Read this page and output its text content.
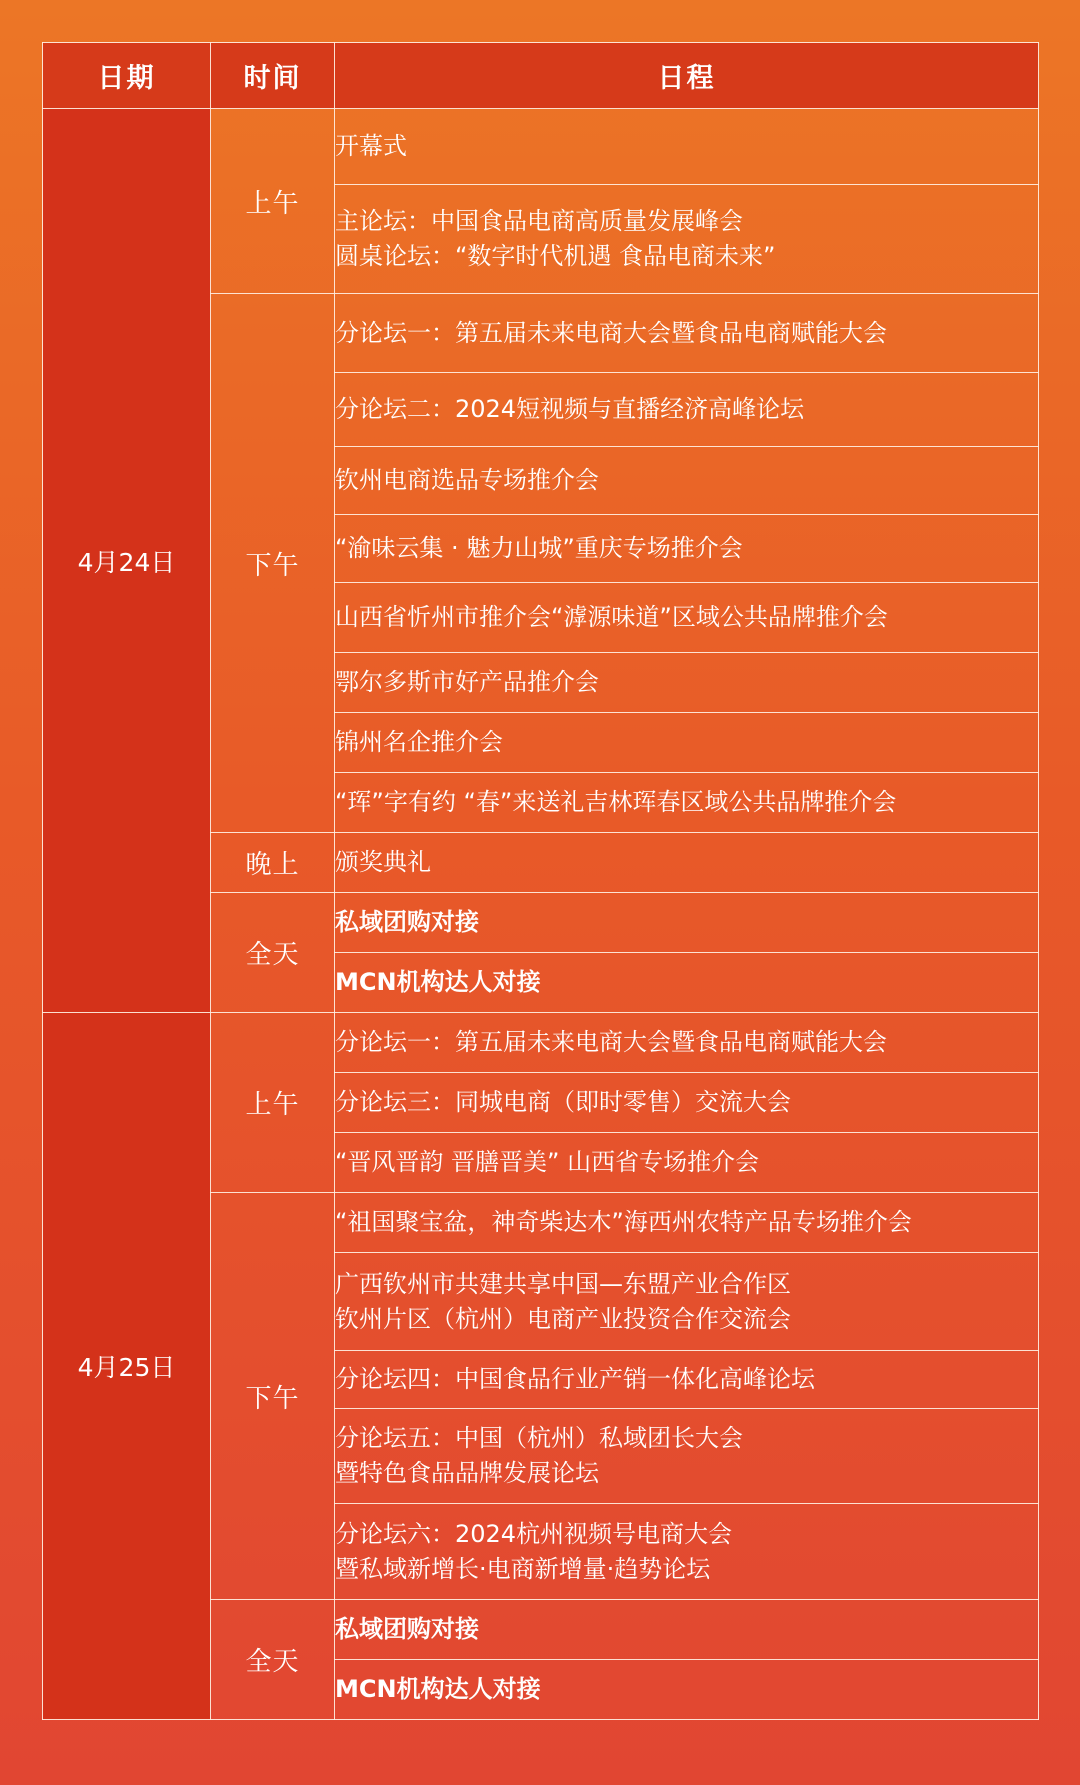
日期	时间	日程
4月24日	上午	开幕式
		主论坛：中国食品电商高质量发展峰会
圆桌论坛：“数字时代机遇 食品电商未来”
	下午	分论坛一：第五届未来电商大会暨食品电商赋能大会
		分论坛二：2024短视频与直播经济高峰论坛
		钦州电商选品专场推介会
		“渝味云集 · 魅力山城”重庆专场推介会
		山西省忻州市推介会“滹源味道”区域公共品牌推介会
		鄂尔多斯市好产品推介会
		锦州名企推介会
		“珲”字有约 “春”来送礼吉林珲春区域公共品牌推介会
	晚上	颁奖典礼
	全天	私域团购对接
		MCN机构达人对接
4月25日	上午	分论坛一：第五届未来电商大会暨食品电商赋能大会
		分论坛三：同城电商（即时零售）交流大会
		“晋风晋韵 晋膳晋美” 山西省专场推介会
	下午	“祖国聚宝盆，神奇柴达木”海西州农特产品专场推介会
		广西钦州市共建共享中国—东盟产业合作区
钦州片区（杭州）电商产业投资合作交流会
		分论坛四：中国食品行业产销一体化高峰论坛
		分论坛五：中国（杭州）私域团长大会
暨特色食品品牌发展论坛
		分论坛六：2024杭州视频号电商大会
暨私域新增长·电商新增量·趋势论坛
	全天	私域团购对接
		MCN机构达人对接
